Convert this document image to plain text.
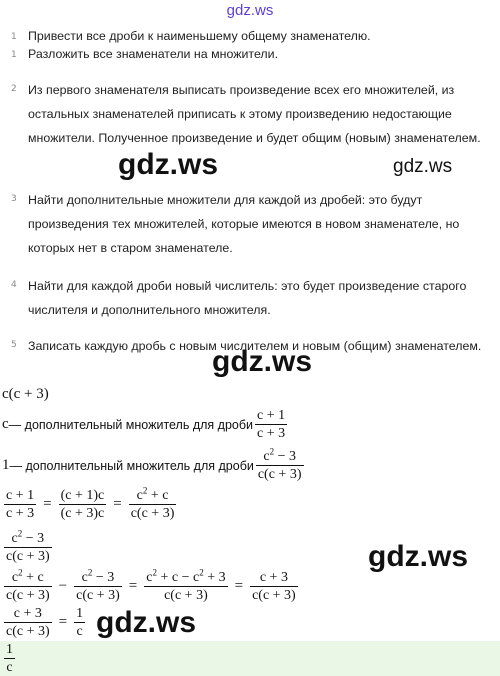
gdz.ws
1 Привести все дроби к наименьшему общему знаменателю.
1 Разложить все знаменатели на множители.
2 Из первого знаменателя выписать произведение всех его множителей, из остальных знаменателей приписать к этому произведению недостающие множители. Полученное произведение и будет общим (новым) знаменателем.
3 Найти дополнительные множители для каждой из дробей: это будут произведения тех множителей, которые имеются в новом знаменателе, но которых нет в старом знаменателе.
4 Найти для каждой дроби новый числитель: это будет произведение старого числителя и дополнительного множителя.
5 Записать каждую дробь с новым числителем и новым (общим) знаменателем.
c(c + 3)
c — дополнительный множитель для дроби $\frac{c + 1}{c + 3}$
1 — дополнительный множитель для дроби $\frac{c^2 - 3}{c(c + 3)}$
$\frac{c + 1}{c + 3} = \frac{(c + 1)c}{(c + 3)c} = \frac{c^2 + c}{c(c + 3)}$
$\frac{c^2 - 3}{c(c + 3)}$
$\frac{c^2 + c}{c(c + 3)} - \frac{c^2 - 3}{c(c + 3)} = \frac{c^2 + c - c^2 + 3}{c(c + 3)} = \frac{c + 3}{c(c + 3)}$
$\frac{c + 3}{c(c + 3)} = \frac{1}{c}$
$\frac{1}{c}$
gdz.ws	gdz.ws
gdz.ws
gdz.ws
gdz.ws
